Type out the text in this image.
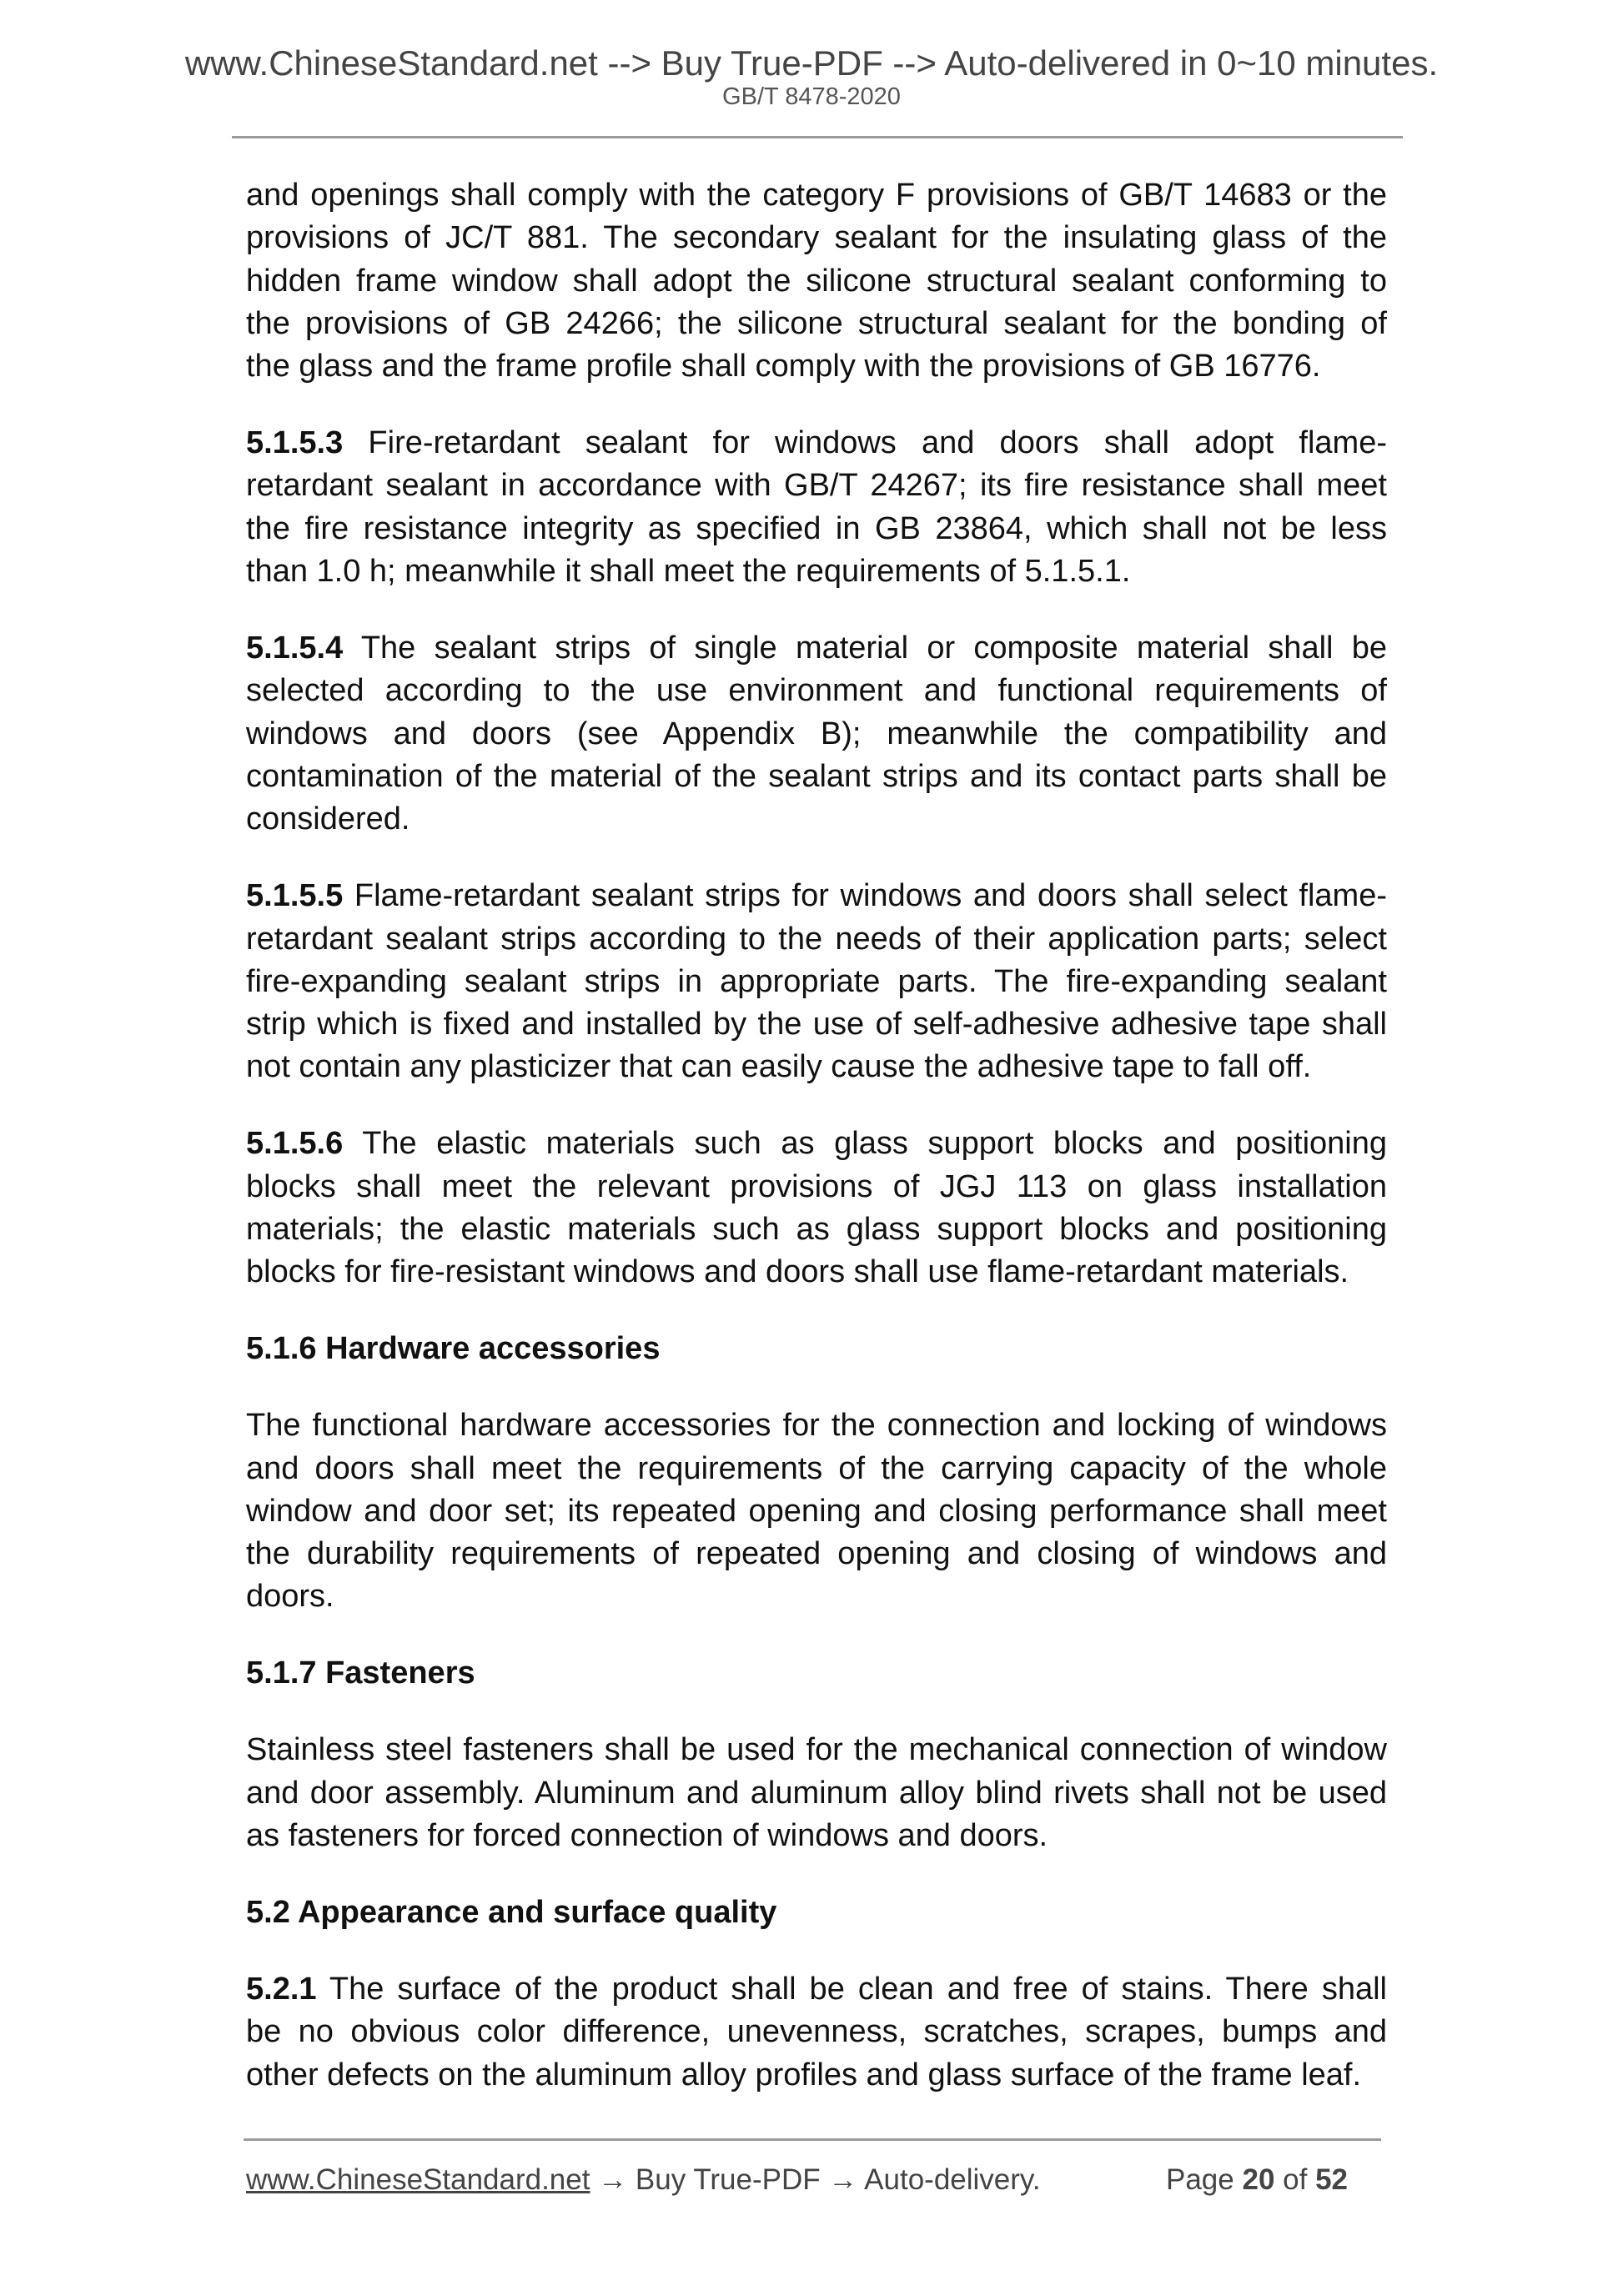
www.ChineseStandard.net --> Buy True-PDF --> Auto-delivered in 0~10 minutes.
GB/T 8478-2020
and openings shall comply with the category F provisions of GB/T 14683 or the
provisions of JC/T 881. The secondary sealant for the insulating glass of the
hidden frame window shall adopt the silicone structural sealant conforming to
the provisions of GB 24266; the silicone structural sealant for the bonding of
the glass and the frame profile shall comply with the provisions of GB 16776.
5.1.5.3 Fire-retardant sealant for windows and doors shall adopt flame-
retardant sealant in accordance with GB/T 24267; its fire resistance shall meet
the fire resistance integrity as specified in GB 23864, which shall not be less
than 1.0 h; meanwhile it shall meet the requirements of 5.1.5.1.
5.1.5.4 The sealant strips of single material or composite material shall be
selected according to the use environment and functional requirements of
windows and doors (see Appendix B); meanwhile the compatibility and
contamination of the material of the sealant strips and its contact parts shall be
considered.
5.1.5.5 Flame-retardant sealant strips for windows and doors shall select flame-
retardant sealant strips according to the needs of their application parts; select
fire-expanding sealant strips in appropriate parts. The fire-expanding sealant
strip which is fixed and installed by the use of self-adhesive adhesive tape shall
not contain any plasticizer that can easily cause the adhesive tape to fall off.
5.1.5.6 The elastic materials such as glass support blocks and positioning
blocks shall meet the relevant provisions of JGJ 113 on glass installation
materials; the elastic materials such as glass support blocks and positioning
blocks for fire-resistant windows and doors shall use flame-retardant materials.
5.1.6 Hardware accessories
The functional hardware accessories for the connection and locking of windows
and doors shall meet the requirements of the carrying capacity of the whole
window and door set; its repeated opening and closing performance shall meet
the durability requirements of repeated opening and closing of windows and
doors.
5.1.7 Fasteners
Stainless steel fasteners shall be used for the mechanical connection of window
and door assembly. Aluminum and aluminum alloy blind rivets shall not be used
as fasteners for forced connection of windows and doors.
5.2 Appearance and surface quality
5.2.1 The surface of the product shall be clean and free of stains. There shall
be no obvious color difference, unevenness, scratches, scrapes, bumps and
other defects on the aluminum alloy profiles and glass surface of the frame leaf.
www.ChineseStandard.net → Buy True-PDF → Auto-delivery.	Page 20 of 52
